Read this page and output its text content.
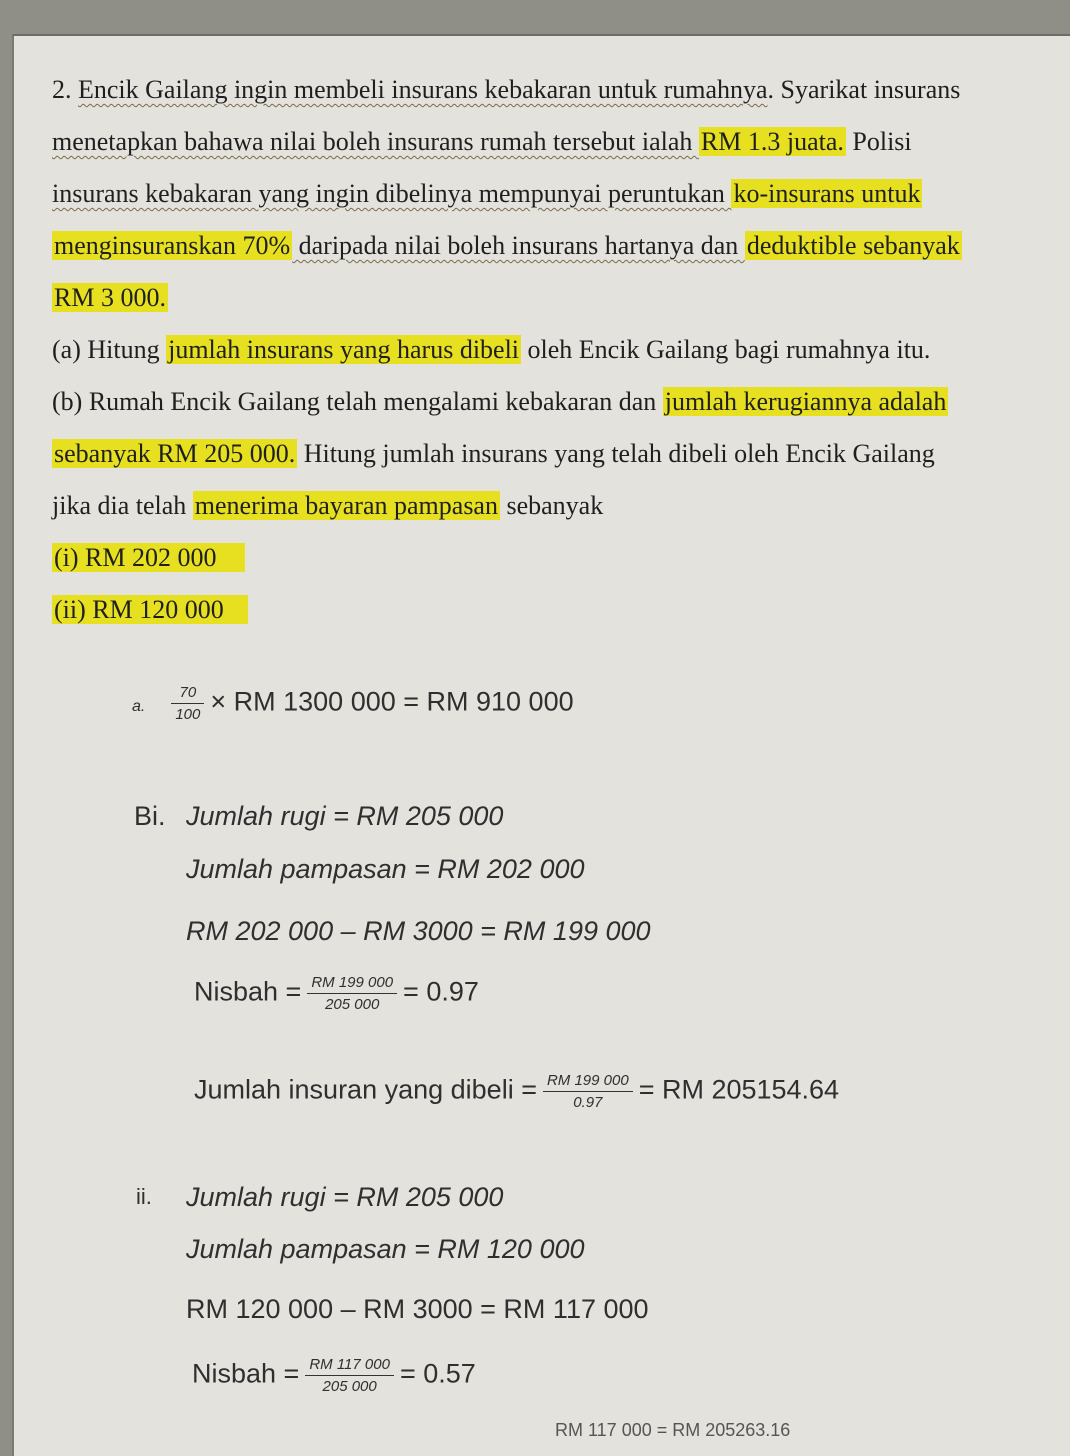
2. Encik Gailang ingin membeli insurans kebakaran untuk rumahnya. Syarikat insurans
menetapkan bahawa nilai boleh insurans rumah tersebut ialah RM 1.3 juata. Polisi
insurans kebakaran yang ingin dibelinya mempunyai peruntukan ko-insurans untuk
menginsuranskan 70% daripada nilai boleh insurans hartanya dan deduktible sebanyak
RM 3 000.
(a) Hitung jumlah insurans yang harus dibeli oleh Encik Gailang bagi rumahnya itu.
(b) Rumah Encik Gailang telah mengalami kebakaran dan jumlah kerugiannya adalah
sebanyak RM 205 000. Hitung jumlah insurans yang telah dibeli oleh Encik Gailang
jika dia telah menerima bayaran pampasan sebanyak
(i) RM 202 000
(ii) RM 120 000
a. $\frac{70}{100}$ × RM 1300 000 = RM 910 000
Bi. Jumlah rugi = RM 205 000
Jumlah pampasan = RM 202 000
RM 202 000 – RM 3000 = RM 199 000
Nisbah = $\frac{RM 199 000}{205 000} = 0.97$
Jumlah insuran yang dibeli = $\frac{RM 199 000}{0.97}$ = RM 205154.64
ii. Jumlah rugi = RM 205 000
Jumlah pampasan = RM 120 000
RM 120 000 – RM 3000 = RM 117 000
Nisbah = $\frac{RM 117 000}{205 000} = 0.57$
RM 117 000 = RM 205263.16
